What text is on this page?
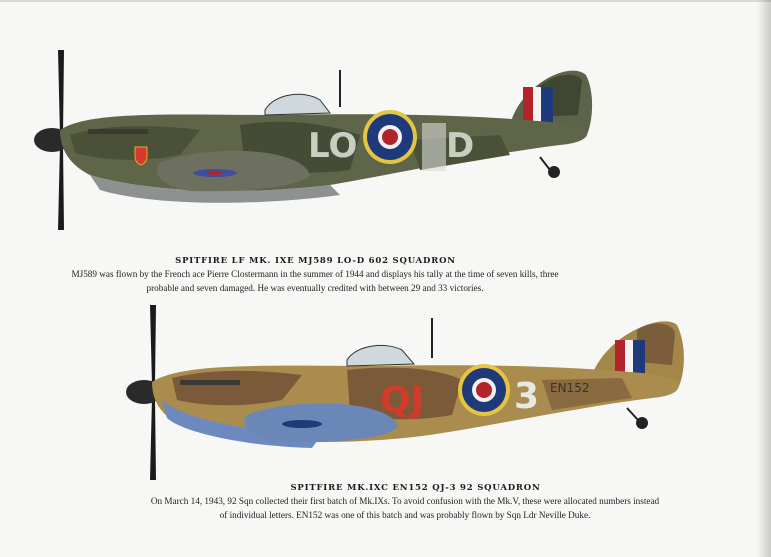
LO	D
SPITFIRE LF MK. IXE MJ589 LO-D 602 SQUADRON
MJ589 was flown by the French ace Pierre Clostermann in the summer of 1944 and displays his tally at the time of seven kills, three probable and seven damaged. He was eventually credited with between 29 and 33 victories.
QJ	3 EN152
SPITFIRE MK.IXC EN152 QJ-3 92 SQUADRON
On March 14, 1943, 92 Sqn collected their first batch of Mk.IXs. To avoid confusion with the Mk.V, these were allocated numbers instead of individual letters. EN152 was one of this batch and was probably flown by Sqn Ldr Neville Duke.
